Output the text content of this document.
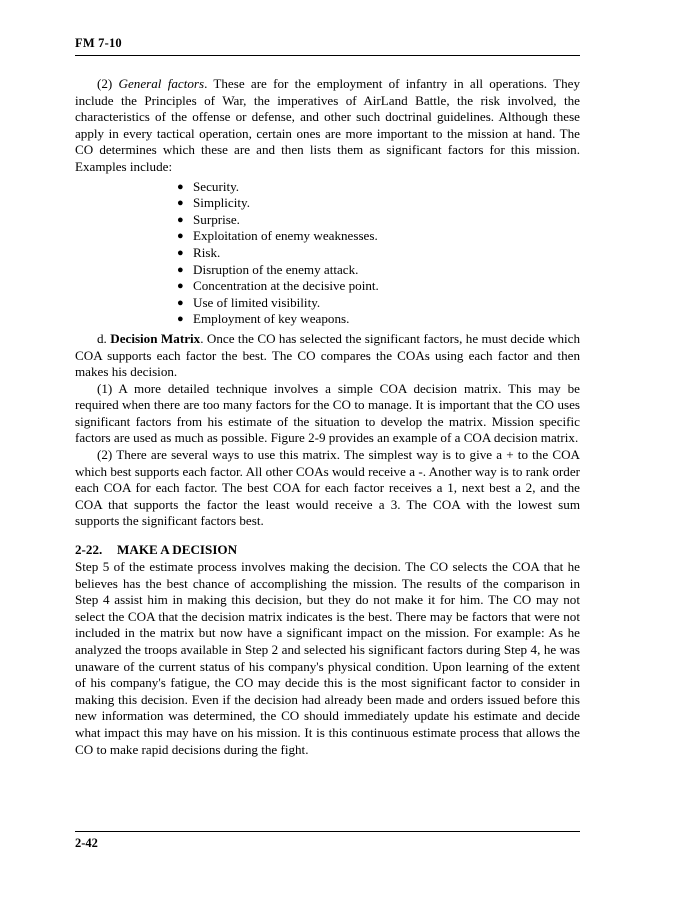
FM 7-10

(2) General factors. These are for the employment of infantry in all operations. They include the Principles of War, the imperatives of AirLand Battle, the risk involved, the characteristics of the offense or defense, and other such doctrinal guidelines. Although these apply in every tactical operation, certain ones are more important to the mission at hand. The CO determines which these are and then lists them as significant factors for this mission. Examples include:

● Security.
● Simplicity.
● Surprise.
● Exploitation of enemy weaknesses.
● Risk.
● Disruption of the enemy attack.
● Concentration at the decisive point.
● Use of limited visibility.
● Employment of key weapons.

d. Decision Matrix. Once the CO has selected the significant factors, he must decide which COA supports each factor the best. The CO compares the COAs using each factor and then makes his decision.

(1) A more detailed technique involves a simple COA decision matrix. This may be required when there are too many factors for the CO to manage. It is important that the CO uses significant factors from his estimate of the situation to develop the matrix. Mission specific factors are used as much as possible. Figure 2-9 provides an example of a COA decision matrix.

(2) There are several ways to use this matrix. The simplest way is to give a + to the COA which best supports each factor. All other COAs would receive a -. Another way is to rank order each COA for each factor. The best COA for each factor receives a 1, next best a 2, and the COA that supports the factor the least would receive a 3. The COA with the lowest sum supports the significant factors best.

2-22. MAKE A DECISION

Step 5 of the estimate process involves making the decision. The CO selects the COA that he believes has the best chance of accomplishing the mission. The results of the comparison in Step 4 assist him in making this decision, but they do not make it for him. The CO may not select the COA that the decision matrix indicates is the best. There may be factors that were not included in the matrix but now have a significant impact on the mission. For example: As he analyzed the troops available in Step 2 and selected his significant factors during Step 4, he was unaware of the current status of his company's physical condition. Upon learning of the extent of his company's fatigue, the CO may decide this is the most significant factor to consider in making this decision. Even if the decision had already been made and orders issued before this new information was determined, the CO should immediately update his estimate and decide what impact this may have on his mission. It is this continuous estimate process that allows the CO to make rapid decisions during the fight.

2-42
